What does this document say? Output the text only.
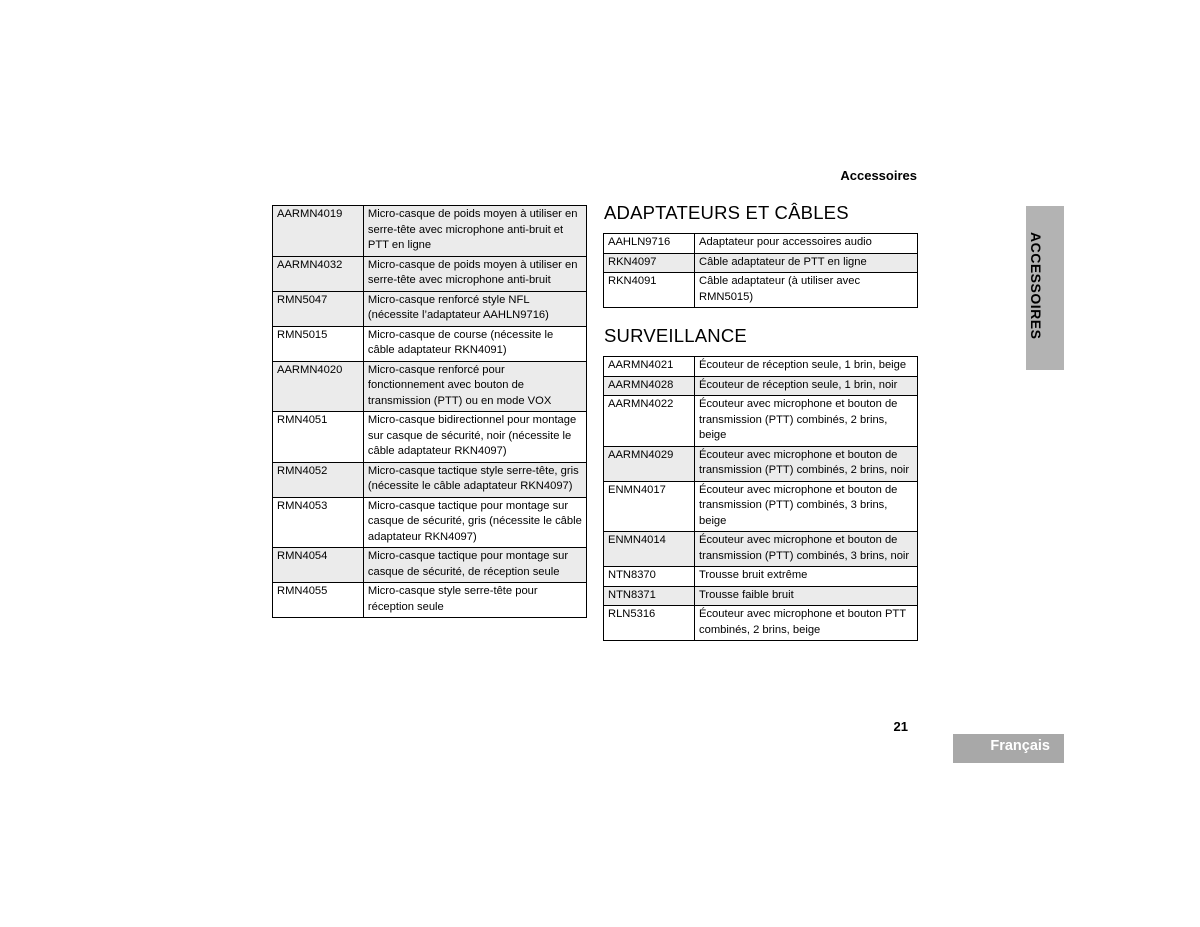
Accessoires
AARMN4019	Micro-casque de poids moyen à utiliser en serre-tête avec microphone anti-bruit et PTT en ligne
AARMN4032	Micro-casque de poids moyen à utiliser en serre-tête avec microphone anti-bruit
RMN5047	Micro-casque renforcé style NFL (nécessite l’adaptateur AAHLN9716)
RMN5015	Micro-casque de course (nécessite le câble adaptateur RKN4091)
AARMN4020	Micro-casque renforcé pour fonctionnement avec bouton de transmission (PTT) ou en mode VOX
RMN4051	Micro-casque bidirectionnel pour montage sur casque de sécurité, noir (nécessite le câble adaptateur RKN4097)
RMN4052	Micro-casque tactique style serre-tête, gris (nécessite le câble adaptateur RKN4097)
RMN4053	Micro-casque tactique pour montage sur casque de sécurité, gris (nécessite le câble adaptateur RKN4097)
RMN4054	Micro-casque tactique pour montage sur casque de sécurité, de réception seule
RMN4055	Micro-casque style serre-tête pour réception seule
ADAPTATEURS ET CÂBLES
AAHLN9716	Adaptateur pour accessoires audio
RKN4097	Câble adaptateur de PTT en ligne
RKN4091	Câble adaptateur (à utiliser avec RMN5015)
SURVEILLANCE
AARMN4021	Écouteur de réception seule, 1 brin, beige
AARMN4028	Écouteur de réception seule, 1 brin, noir
AARMN4022	Écouteur avec microphone et bouton de transmission (PTT) combinés, 2 brins, beige
AARMN4029	Écouteur avec microphone et bouton de transmission (PTT) combinés, 2 brins, noir
ENMN4017	Écouteur avec microphone et bouton de transmission (PTT) combinés, 3 brins, beige
ENMN4014	Écouteur avec microphone et bouton de transmission (PTT) combinés, 3 brins, noir
NTN8370	Trousse bruit extrême
NTN8371	Trousse faible bruit
RLN5316	Écouteur avec microphone et bouton PTT combinés, 2 brins, beige
ACCESSOIRES
21
Français
